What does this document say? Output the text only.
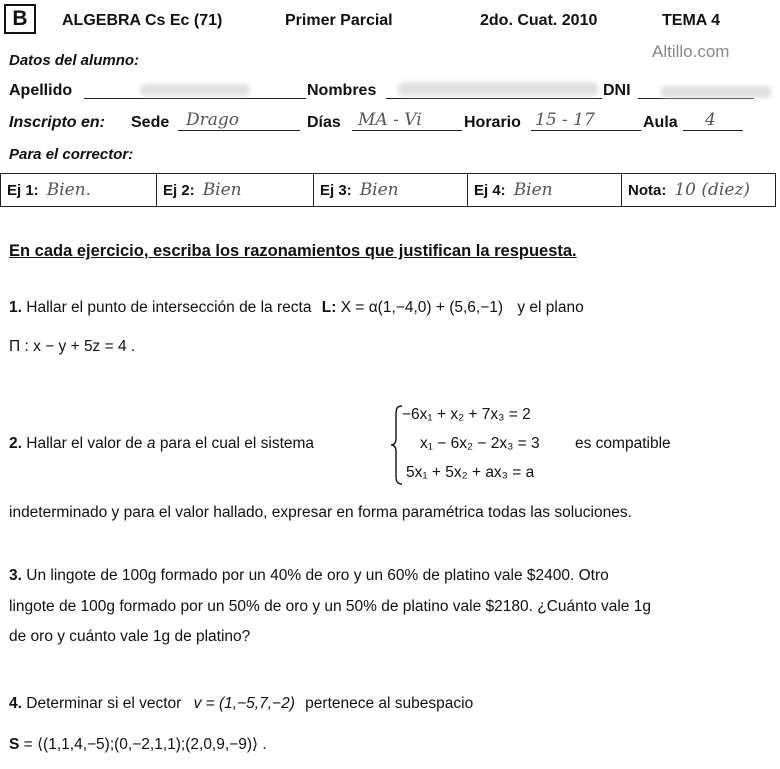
B ALGEBRA Cs Ec (71)	Primer Parcial	2do. Cuat. 2010	TEMA 4
Altillo.com
Datos del alumno:
Apellido	Nombres	DNI
Inscripto en: Sede Drago	Días MA - Vi	Horario 15 - 17	Aula 4
Para el corrector:
Ej 1: Bien.	Ej 2: Bien	Ej 3: Bien	Ej 4: Bien	Nota: 10 (diez)
En cada ejercicio, escriba los razonamientos que justifican la respuesta.
1. Hallar el punto de intersección de la recta L: X = α(1,−4,0) + (5,6,−1) y el plano
Π : x − y + 5z = 4 .
2. Hallar el valor de a para el cual el sistema
−6x₁ + x₂ + 7x₃ = 2
x₁ − 6x₂ − 2x₃ = 3
5x₁ + 5x₂ + ax₃ = a
es compatible
indeterminado y para el valor hallado, expresar en forma paramétrica todas las soluciones.
3. Un lingote de 100g formado por un 40% de oro y un 60% de platino vale $2400. Otro
lingote de 100g formado por un 50% de oro y un 50% de platino vale $2180. ¿Cuánto vale 1g
de oro y cuánto vale 1g de platino?
4. Determinar si el vector v = (1,−5,7,−2) pertenece al subespacio
S = ⟨(1,1,4,−5);(0,−2,1,1);(2,0,9,−9)⟩ .
